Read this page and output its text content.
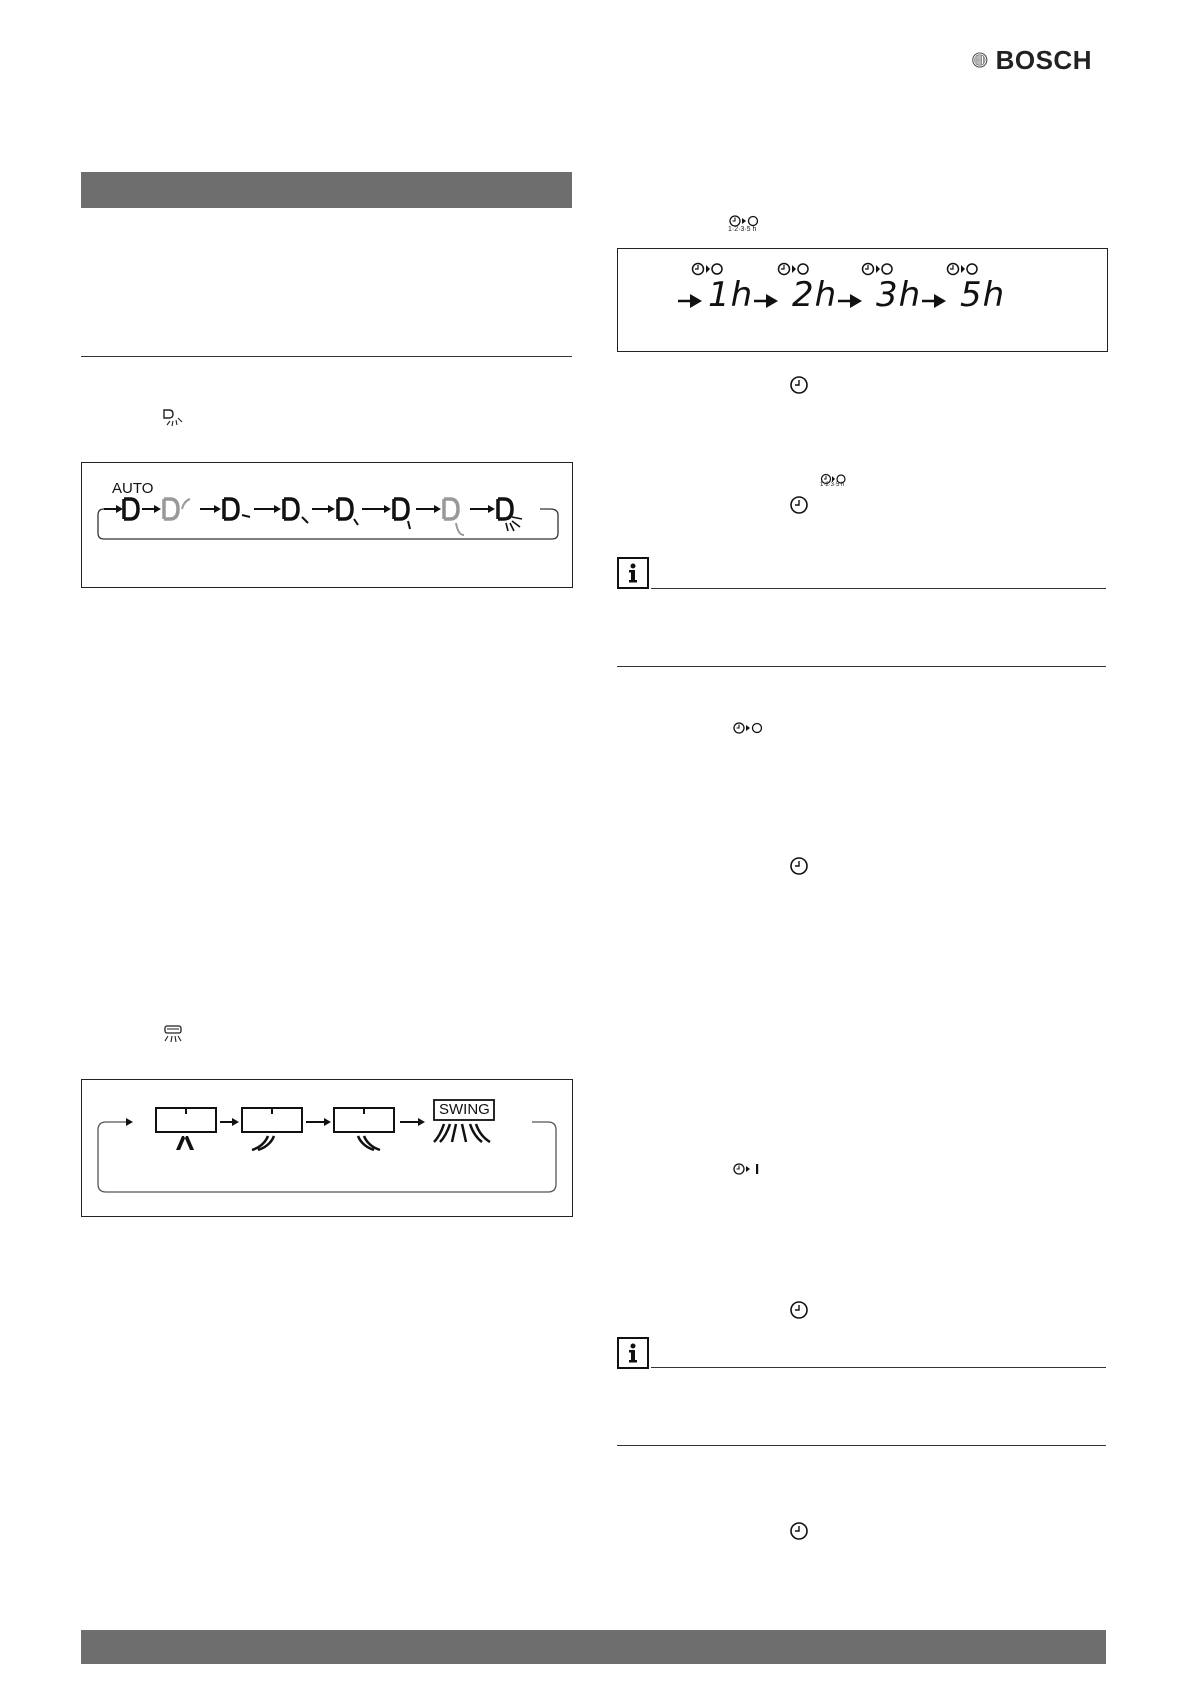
BOSCH
AUTO
SWING
1·2·3·5 h
1h 2h 3h 5h
1·2·3·5 h
